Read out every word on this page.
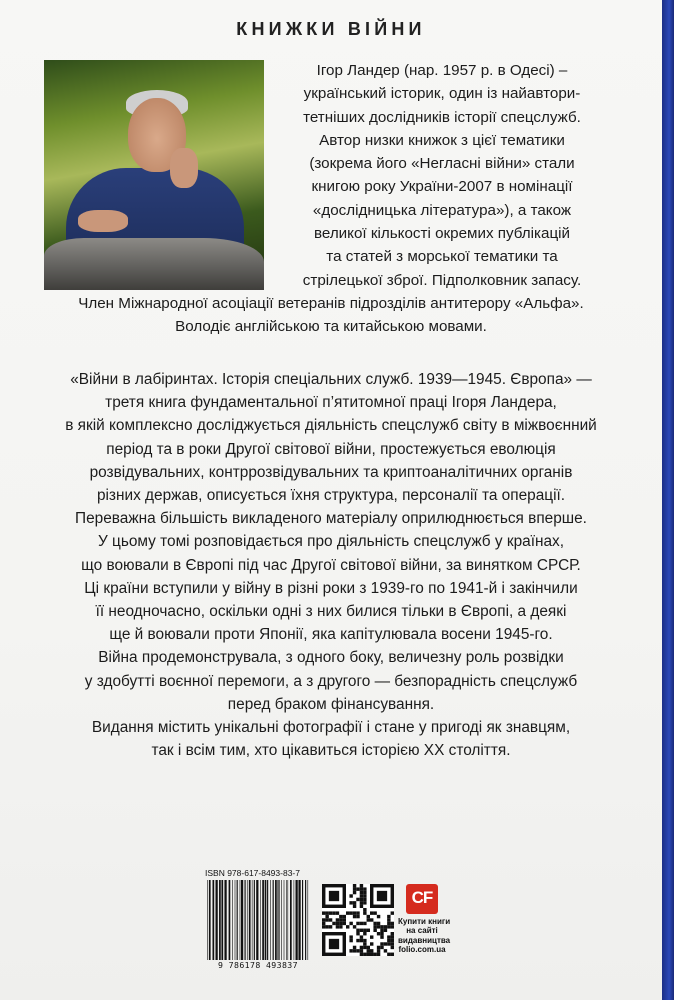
КНИЖКИ ВІЙНИ
Ігор Ландер (нар. 1957 р. в Одесі) –
український історик, один із найавтори-
тетніших дослідників історії спецслужб.
Автор низки книжок з цієї тематики
(зокрема його «Негласні війни» стали
книгою року України-2007 в номінації
«дослідницька література»), а також
великої кількості окремих публікацій
та статей з морської тематики та
стрілецької зброї. Підполковник запасу.
Член Міжнародної асоціації ветеранів підрозділів антитерору «Альфа».
Володіє англійською та китайською мовами.
«Війни в лабіринтах. Історія спеціальних служб. 1939—1945. Європа» —
третя книга фундаментальної п’ятитомної праці Ігоря Ландера,
в якій комплексно досліджується діяльність спецслужб світу в міжвоєнний
період та в роки Другої світової війни, простежується еволюція
розвідувальних, контррозвідувальних та криптоаналітичних органів
різних держав, описується їхня структура, персоналії та операції.
Переважна більшість викладеного матеріалу оприлюднюється вперше.
У цьому томі розповідається про діяльність спецслужб у країнах,
що воювали в Європі під час Другої світової війни, за винятком СРСР.
Ці країни вступили у війну в різні роки з 1939-го по 1941-й і закінчили
її неодночасно, оскільки одні з них билися тільки в Європі, а деякі
ще й воювали проти Японії, яка капітулювала восени 1945-го.
Війна продемонструвала, з одного боку, величезну роль розвідки
у здобутті воєнної перемоги, а з другого — безпорадність спецслужб
перед браком фінансування.
Видання містить унікальні фотографії і стане у пригоді як знавцям,
так і всім тим, хто цікавиться історією XX століття.
ISBN 978-617-8493-83-7
9 786178 493837
CF
Купити книги
на сайті
видавництва
folio.com.ua
